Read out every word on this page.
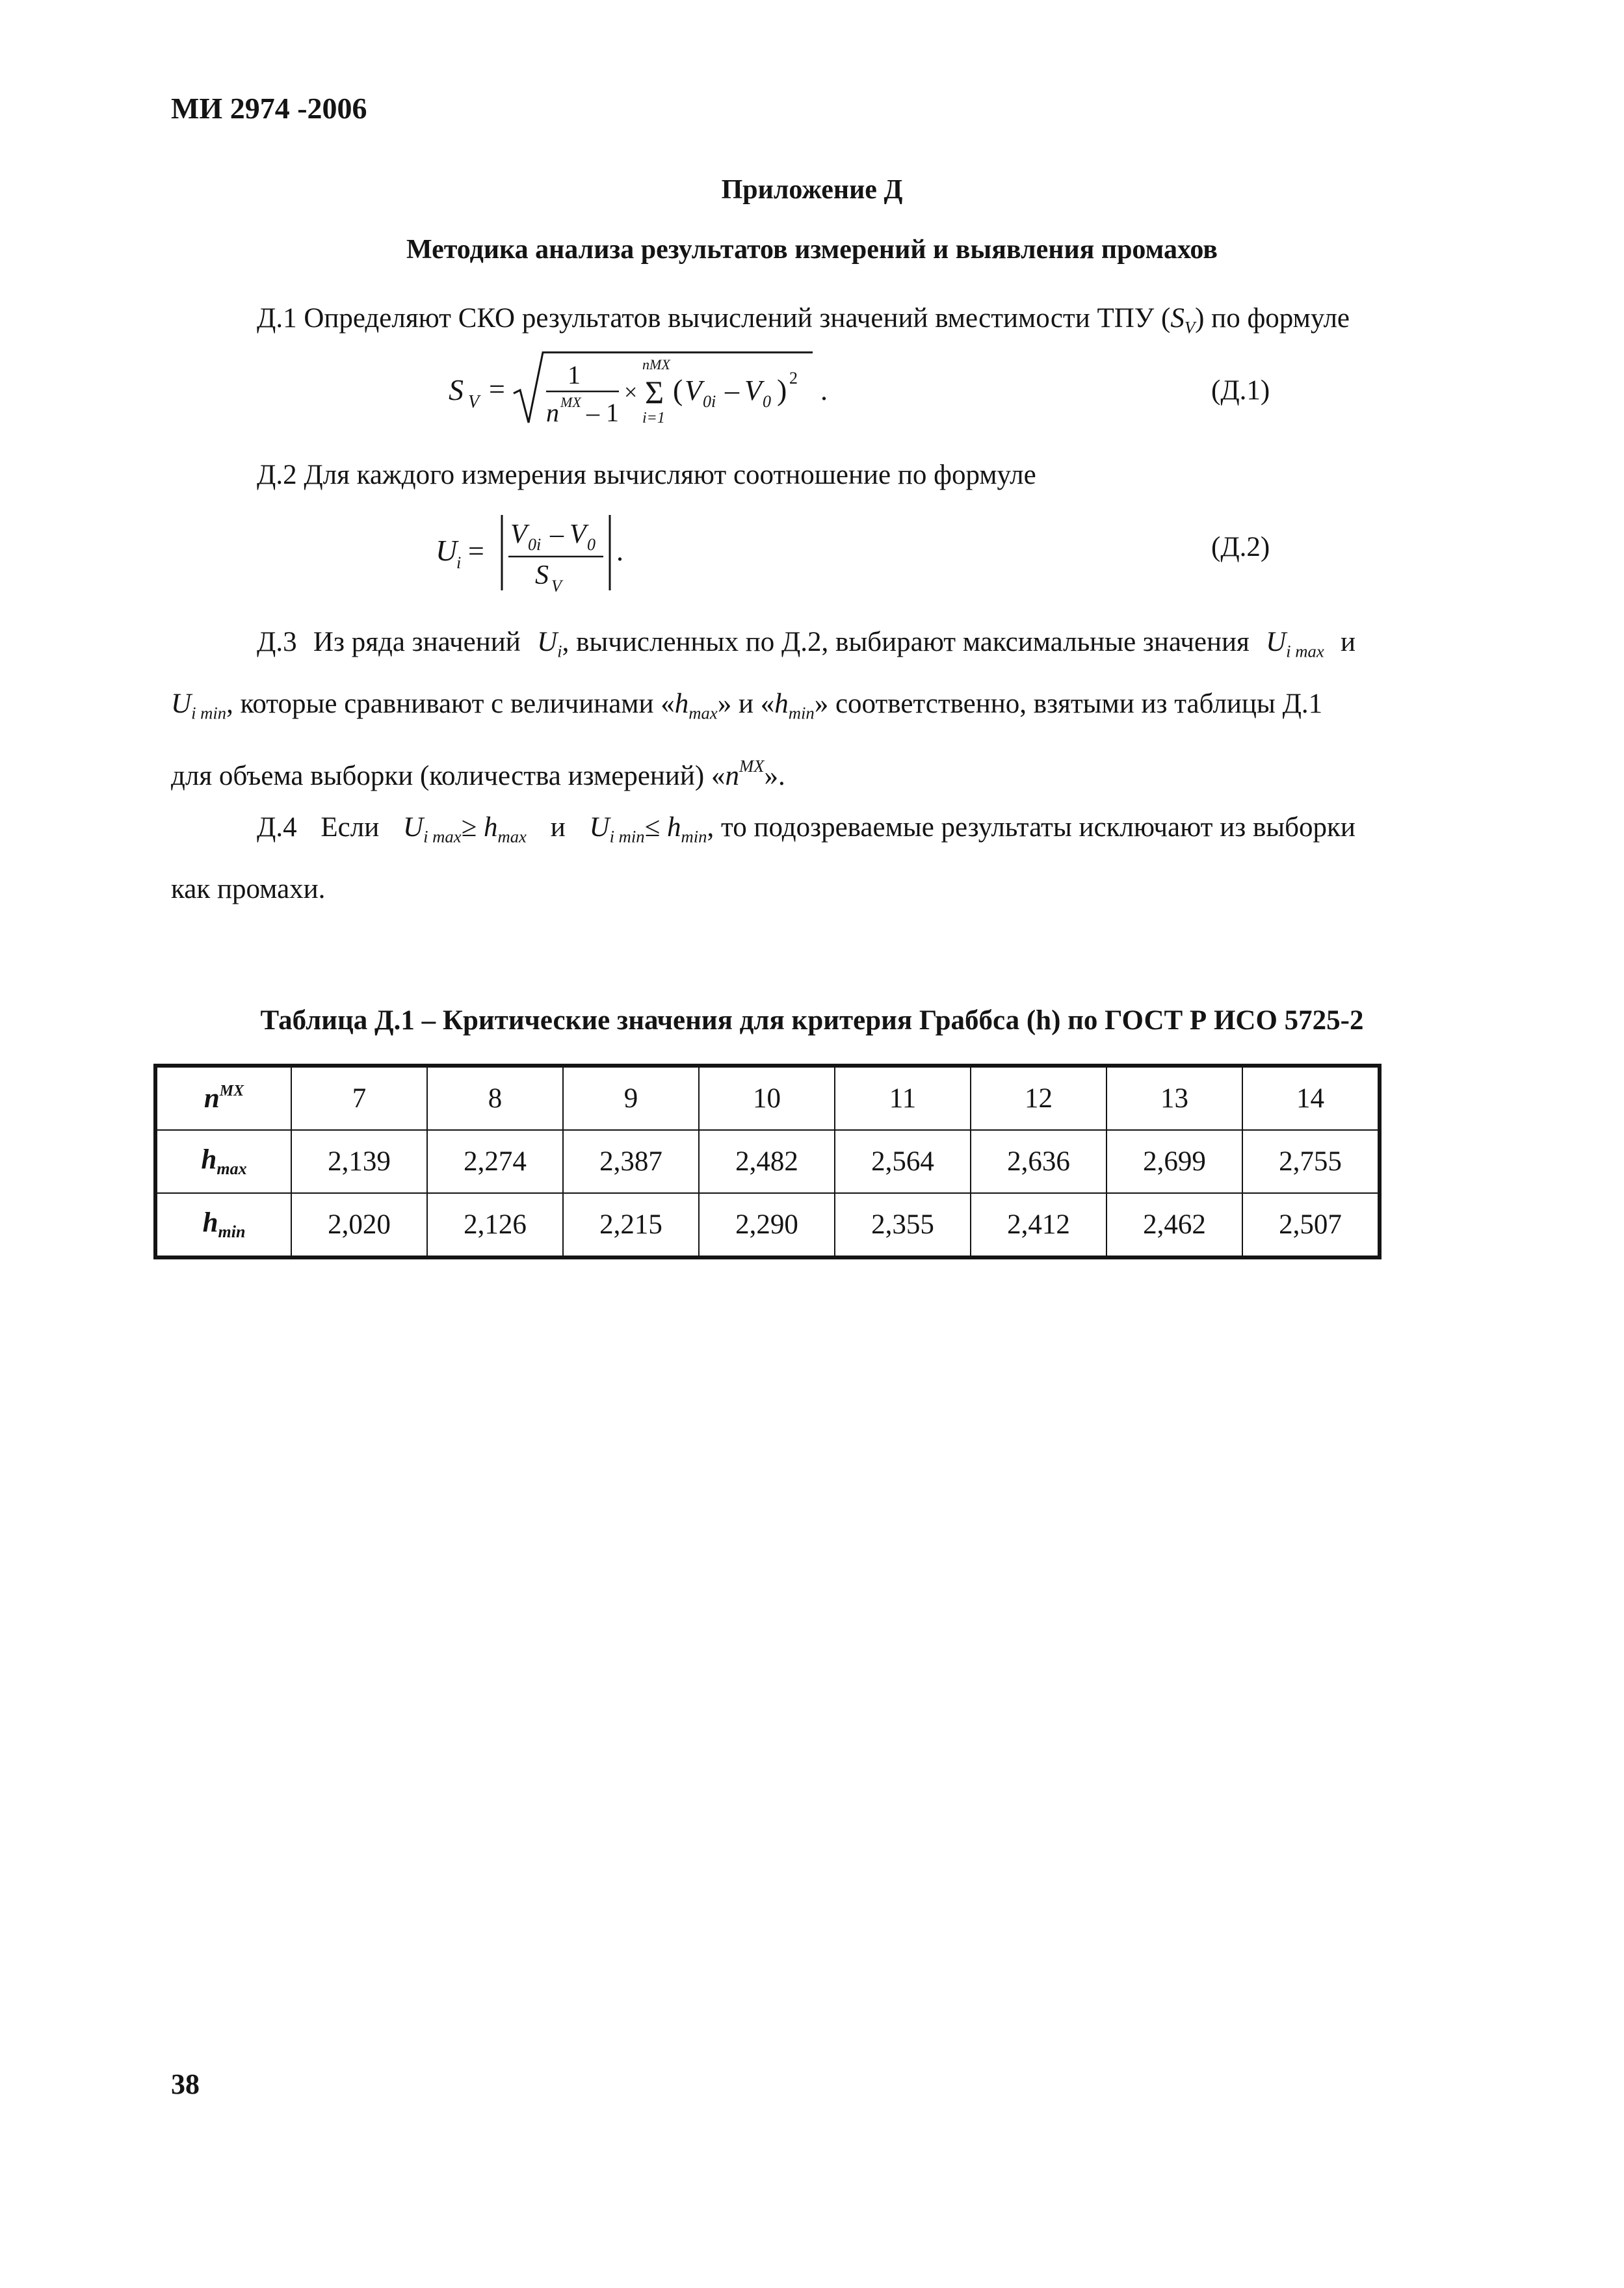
МИ 2974 -2006
Приложение Д
Методика анализа результатов измерений и выявления промахов
Д.1 Определяют СКО результатов вычислений значений вместимости ТПУ $(S_V)$ по формуле
S V = 1
n МХ – 1
×
nМХ
Σ
i=1
( V 0i – V 0 ) 2 .	(Д.1)
Д.2 Для каждого измерения вычисляют соотношение по формуле
U
i =
V 0i – V 0
S V
.	(Д.2)
Д.3 Из ряда значений $U_i$, вычисленных по Д.2, выбирают максимальные значения $U_{i max}$ и
$U_{i min}$, которые сравнивают с величинами «$h_{max}$» и «$h_{min}$» соответственно, взятыми из таблицы Д.1
для объема выборки (количества измерений) «$n^{МХ}$».
Д.4 Если $U_{i max}\ge h_{max}$ и $U_{i min}\le h_{min}$, то подозреваемые результаты исключают из выборки
как промахи.
Таблица Д.1 – Критические значения для критерия Граббса (h) по ГОСТ Р ИСО 5725-2
$n^{МХ}$	7	8	9	10	11	12	13	14
$h_{max}$	2,139	2,274	2,387	2,482	2,564	2,636	2,699	2,755
$h_{min}$	2,020	2,126	2,215	2,290	2,355	2,412	2,462	2,507
38
